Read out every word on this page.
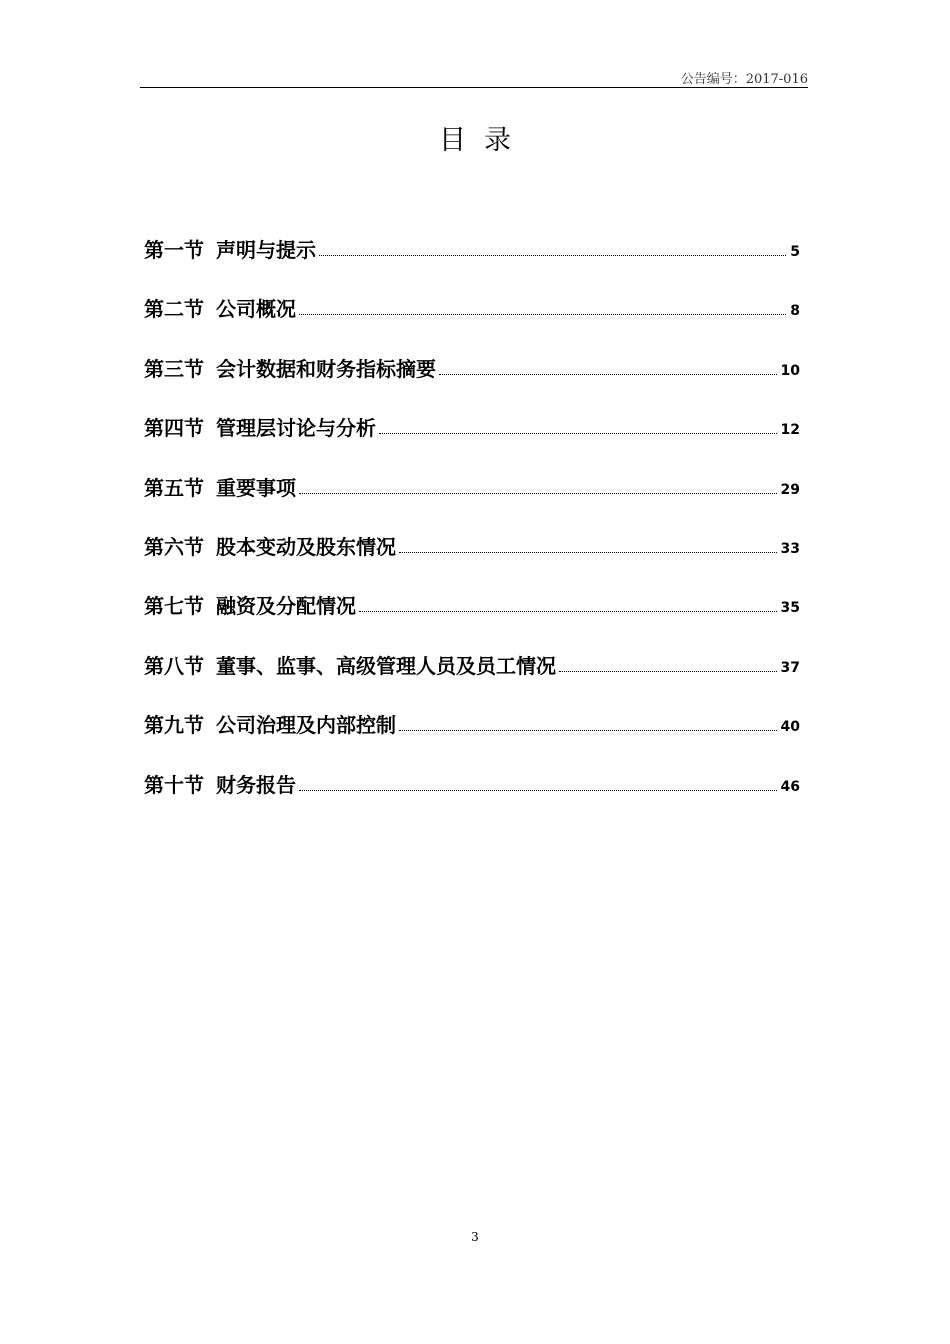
公告编号：2017-016
目录
第一节 声明与提示	5
第二节 公司概况	8
第三节 会计数据和财务指标摘要	10
第四节 管理层讨论与分析	12
第五节 重要事项	29
第六节 股本变动及股东情况	33
第七节 融资及分配情况	35
第八节 董事、监事、高级管理人员及员工情况	37
第九节 公司治理及内部控制	40
第十节 财务报告	46
3
